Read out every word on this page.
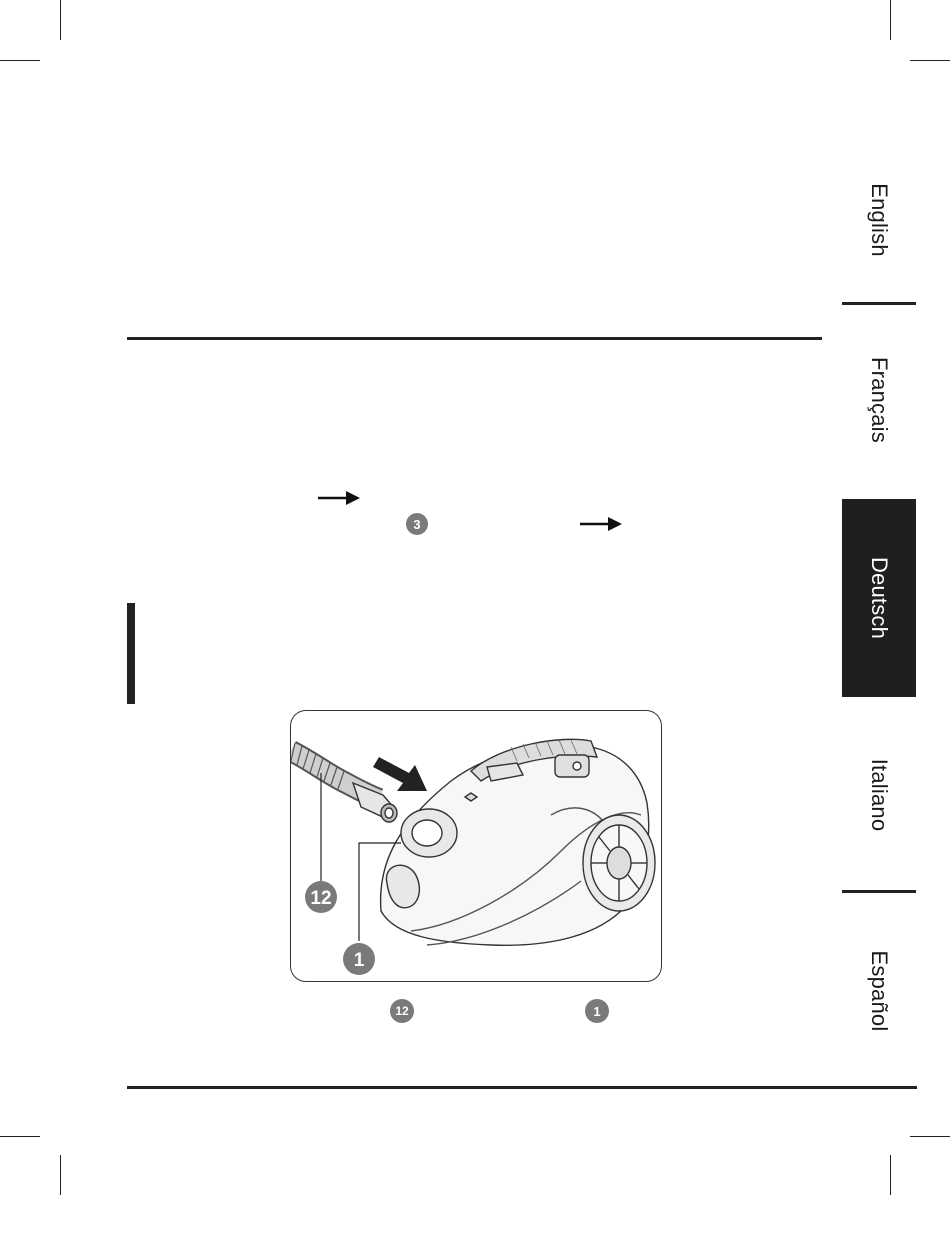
English
Français
Deutsch
Italiano
Español
3
12
1
12	1
